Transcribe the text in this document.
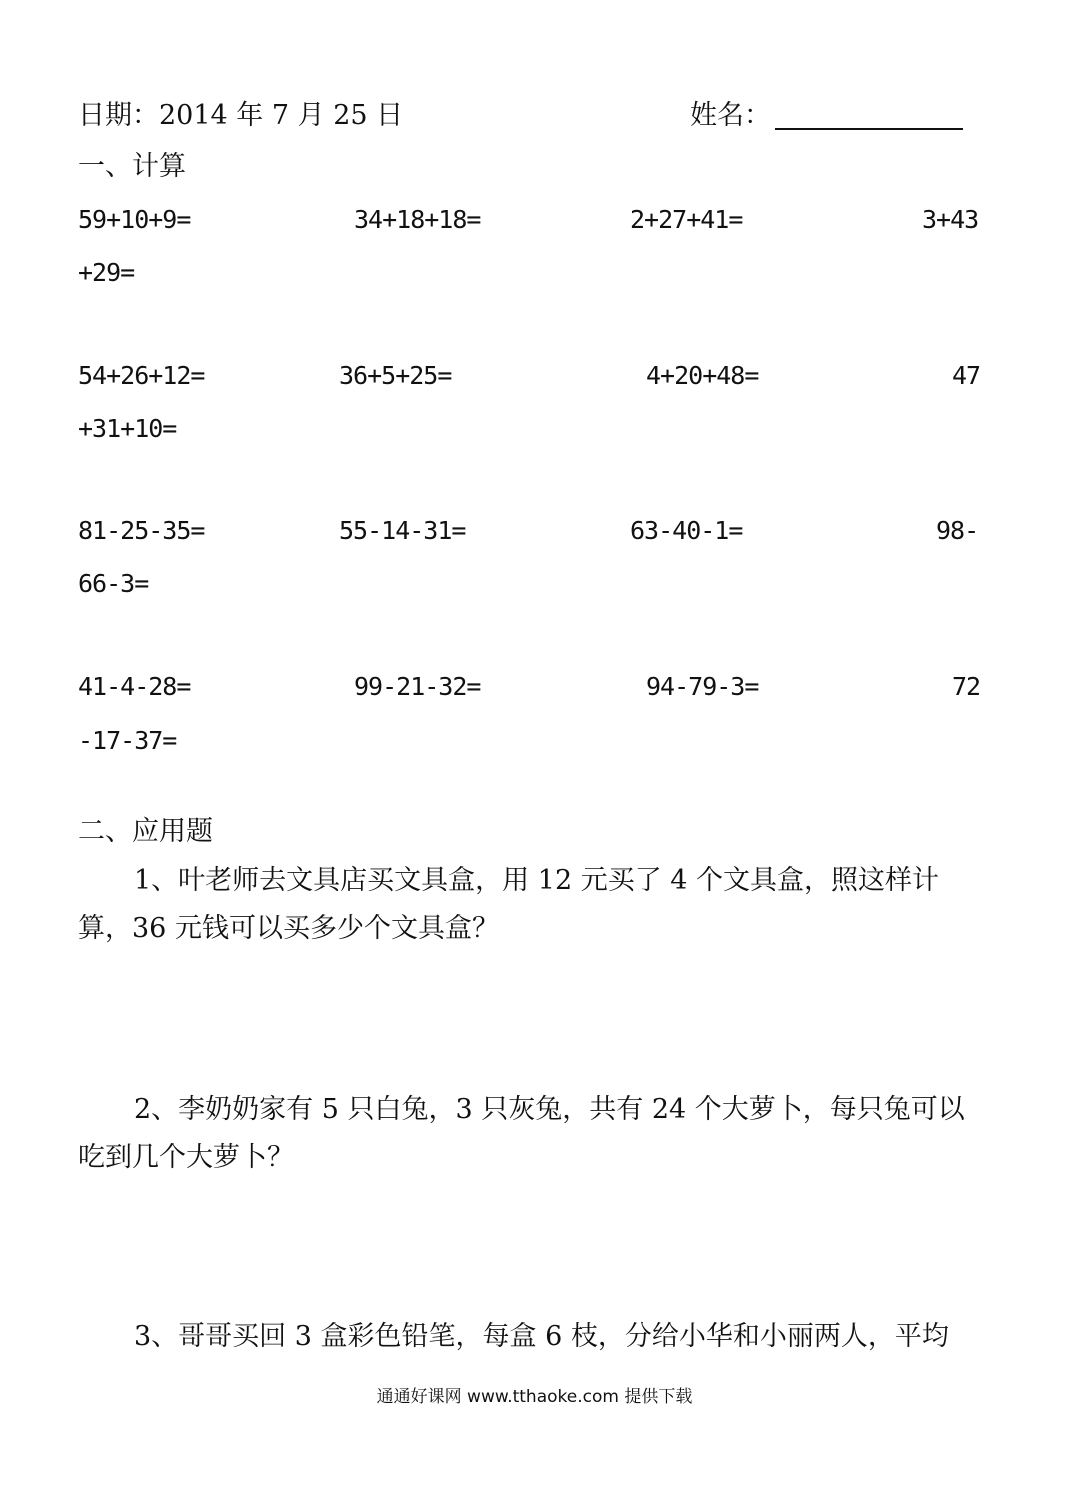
日期：2014 年 7 月 25 日	姓名：
一、计算
59+10+9=	34+18+18=	2+27+41=	3+43
+29=
54+26+12=	36+5+25=	4+20+48=	47
+31+10=
81-25-35=	55-14-31=	63-40-1=	98-
66-3=
41-4-28=	99-21-32=	94-79-3=	72
-17-37=
二、应用题
1、叶老师去文具店买文具盒，用 12 元买了 4 个文具盒，照这样计
算，36 元钱可以买多少个文具盒？
2、李奶奶家有 5 只白兔，3 只灰兔，共有 24 个大萝卜，每只兔可以
吃到几个大萝卜？
3、哥哥买回 3 盒彩色铅笔，每盒 6 枝，分给小华和小丽两人，平均
通通好课网 www.tthaoke.com 提供下载
